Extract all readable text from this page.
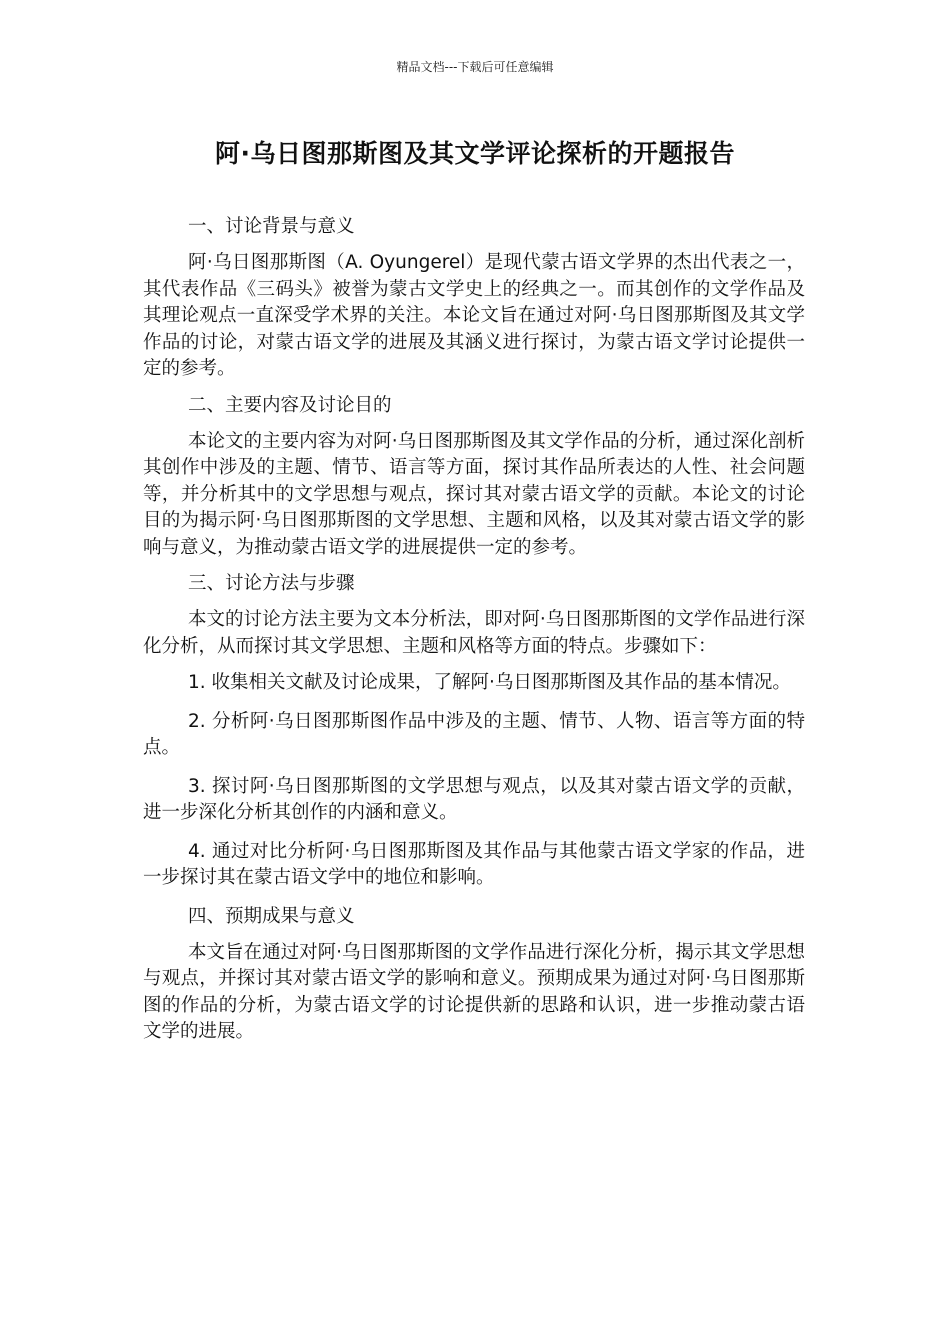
精品文档---下载后可任意编辑
阿·乌日图那斯图及其文学评论探析的开题报告

一、讨论背景与意义

阿·乌日图那斯图（A. Oyungerel）是现代蒙古语文学界的杰出代表之一，其代表作品《三码头》被誉为蒙古文学史上的经典之一。而其创作的文学作品及其理论观点一直深受学术界的关注。本论文旨在通过对阿·乌日图那斯图及其文学作品的讨论，对蒙古语文学的进展及其涵义进行探讨，为蒙古语文学讨论提供一定的参考。

二、主要内容及讨论目的

本论文的主要内容为对阿·乌日图那斯图及其文学作品的分析，通过深化剖析其创作中涉及的主题、情节、语言等方面，探讨其作品所表达的人性、社会问题等，并分析其中的文学思想与观点，探讨其对蒙古语文学的贡献。本论文的讨论目的为揭示阿·乌日图那斯图的文学思想、主题和风格，以及其对蒙古语文学的影响与意义，为推动蒙古语文学的进展提供一定的参考。

三、讨论方法与步骤

本文的讨论方法主要为文本分析法，即对阿·乌日图那斯图的文学作品进行深化分析，从而探讨其文学思想、主题和风格等方面的特点。步骤如下：

1. 收集相关文献及讨论成果，了解阿·乌日图那斯图及其作品的基本情况。

2. 分析阿·乌日图那斯图作品中涉及的主题、情节、人物、语言等方面的特点。

3. 探讨阿·乌日图那斯图的文学思想与观点，以及其对蒙古语文学的贡献，进一步深化分析其创作的内涵和意义。

4. 通过对比分析阿·乌日图那斯图及其作品与其他蒙古语文学家的作品，进一步探讨其在蒙古语文学中的地位和影响。

四、预期成果与意义

本文旨在通过对阿·乌日图那斯图的文学作品进行深化分析，揭示其文学思想与观点，并探讨其对蒙古语文学的影响和意义。预期成果为通过对阿·乌日图那斯图的作品的分析，为蒙古语文学的讨论提供新的思路和认识，进一步推动蒙古语文学的进展。
